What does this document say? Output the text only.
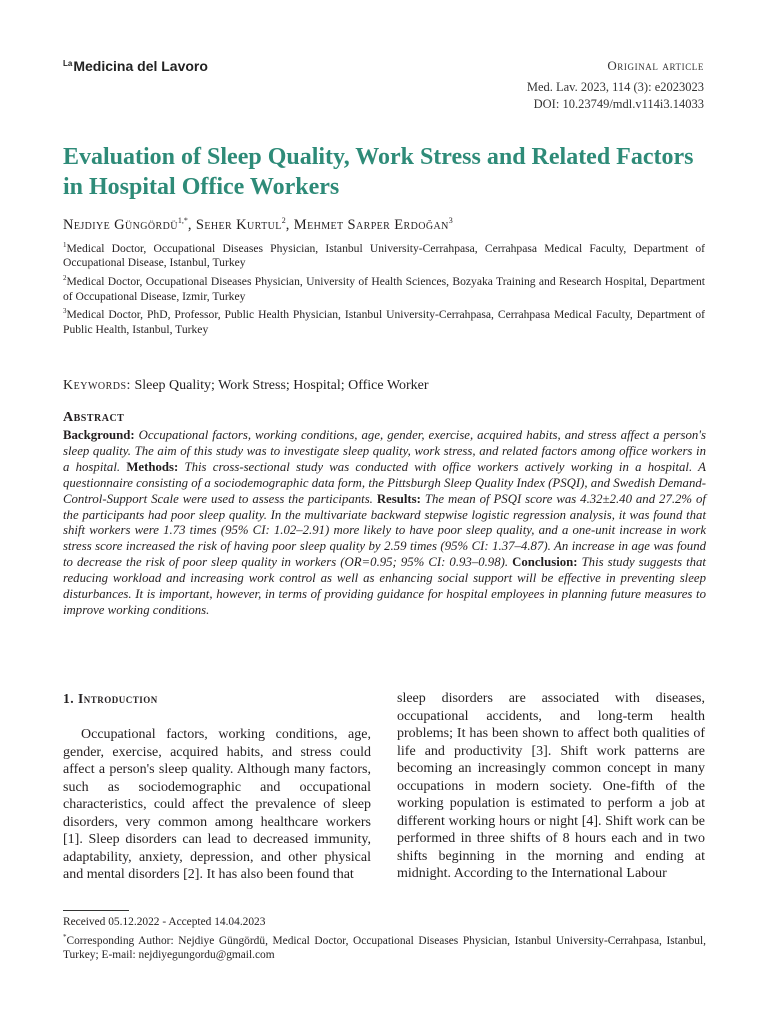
$^{La}$Medicina del Lavoro	Original article
Med. Lav. 2023, 114 (3): e2023023
DOI: 10.23749/mdl.v114i3.14033
Evaluation of Sleep Quality, Work Stress and Related Factors in Hospital Office Workers
Nejdiye Güngördü$^{1,*}$, Seher Kurtul$^2$, Mehmet Sarper Erdoğan$^3$

$^1$Medical Doctor, Occupational Diseases Physician, Istanbul University-Cerrahpasa, Cerrahpasa Medical Faculty, Department of Occupational Disease, Istanbul, Turkey

$^2$Medical Doctor, Occupational Diseases Physician, University of Health Sciences, Bozyaka Training and Research Hospital, Department of Occupational Disease, Izmir, Turkey

$^3$Medical Doctor, PhD, Professor, Public Health Physician, Istanbul University-Cerrahpasa, Cerrahpasa Medical Faculty, Department of Public Health, Istanbul, Turkey

Keywords: Sleep Quality; Work Stress; Hospital; Office Worker
Abstract

Background: Occupational factors, working conditions, age, gender, exercise, acquired habits, and stress affect a person's sleep quality. The aim of this study was to investigate sleep quality, work stress, and related factors among office workers in a hospital. Methods: This cross-sectional study was conducted with office workers actively working in a hospital. A questionnaire consisting of a sociodemographic data form, the Pittsburgh Sleep Quality Index (PSQI), and Swedish Demand-Control-Support Scale were used to assess the participants. Results: The mean of PSQI score was 4.32±2.40 and 27.2% of the participants had poor sleep quality. In the multivariate backward stepwise logistic regression analysis, it was found that shift workers were 1.73 times (95% CI: 1.02–2.91) more likely to have poor sleep quality, and a one-unit increase in work stress score increased the risk of having poor sleep quality by 2.59 times (95% CI: 1.37–4.87). An increase in age was found to decrease the risk of poor sleep quality in workers (OR=0.95; 95% CI: 0.93–0.98). Conclusion: This study suggests that reducing workload and increasing work control as well as enhancing social support will be effective in preventing sleep disturbances. It is important, however, in terms of providing guidance for hospital employees in planning future measures to improve working conditions.

1. Introduction

Occupational factors, working conditions, age, gender, exercise, acquired habits, and stress could affect a person's sleep quality. Although many factors, such as sociodemographic and occupational characteristics, could affect the prevalence of sleep disorders, very common among healthcare workers [1]. Sleep disorders can lead to decreased immunity, adaptability, anxiety, depression, and other physical and mental disorders [2]. It has also been found that

sleep disorders are associated with diseases, occupational accidents, and long-term health problems; It has been shown to affect both qualities of life and productivity [3]. Shift work patterns are becoming an increasingly common concept in many occupations in modern society. One-fifth of the working population is estimated to perform a job at different working hours or night [4]. Shift work can be performed in three shifts of 8 hours each and in two shifts beginning in the morning and ending at midnight. According to the International Labour

Received 05.12.2022 - Accepted 14.04.2023

*Corresponding Author: Nejdiye Güngördü, Medical Doctor, Occupational Diseases Physician, Istanbul University-Cerrahpasa, Istanbul, Turkey; E-mail: nejdiyegungordu@gmail.com
